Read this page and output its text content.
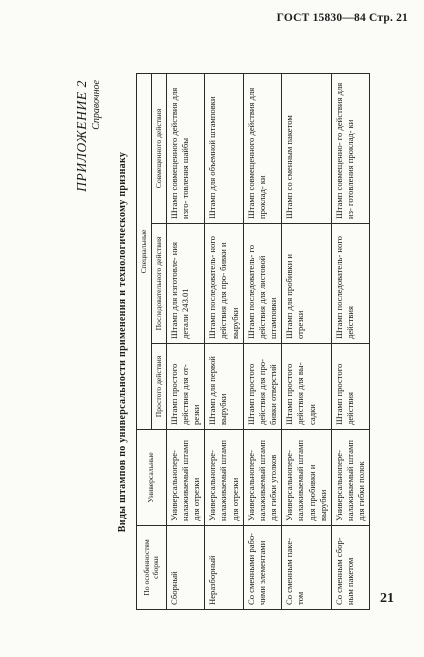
ГОСТ 15830—84 Стр. 21
ПРИЛОЖЕНИЕ 2 Справочное
Виды штампов по универсальности применения и технологическому признаку
По особенностям сборки	Универсальные	Специальные		
		Простого действия	Последовательного действия	Совмещенного действия
Сборный	Универсальноперe- налаживаемый штамп для отрезки	Штамп простого действия для от- резки	Штамп для изготовле- ния детали 243.01	Штамп совмещенного действия для изго- товления шайбы
Неразборный	Универсальноперe- налаживаемый штамп для отрезки	Штамп для первой вырубки	Штамп последователь- ного действия для про- бивки и вырубки	Штамп для объемной штамповки
Со сменными рабо- чими элементами	Универсальноперe- налаживаемый штамп для гибки уголков	Штамп простого действия для про- бивки отверстий	Штамп последователь- го действия для листовой штамповки	Штамп совмещенного действия для проклад- ки
Со сменным пакe- том	Универсальноперe- налаживаемый штамп для пробивки и вырубки	Штамп простого действия для вы- садки	Штамп для пробивки и отрезки	Штамп со сменным пакетом
Со сменным сбор- ным пакетом	Универсальноперe- налаживаемый штамп для гибки полок	Штамп простого действия	Штамп последователь- ного действия	Штамп совмещенно- го действия для из- готовления проклад- ки
21
